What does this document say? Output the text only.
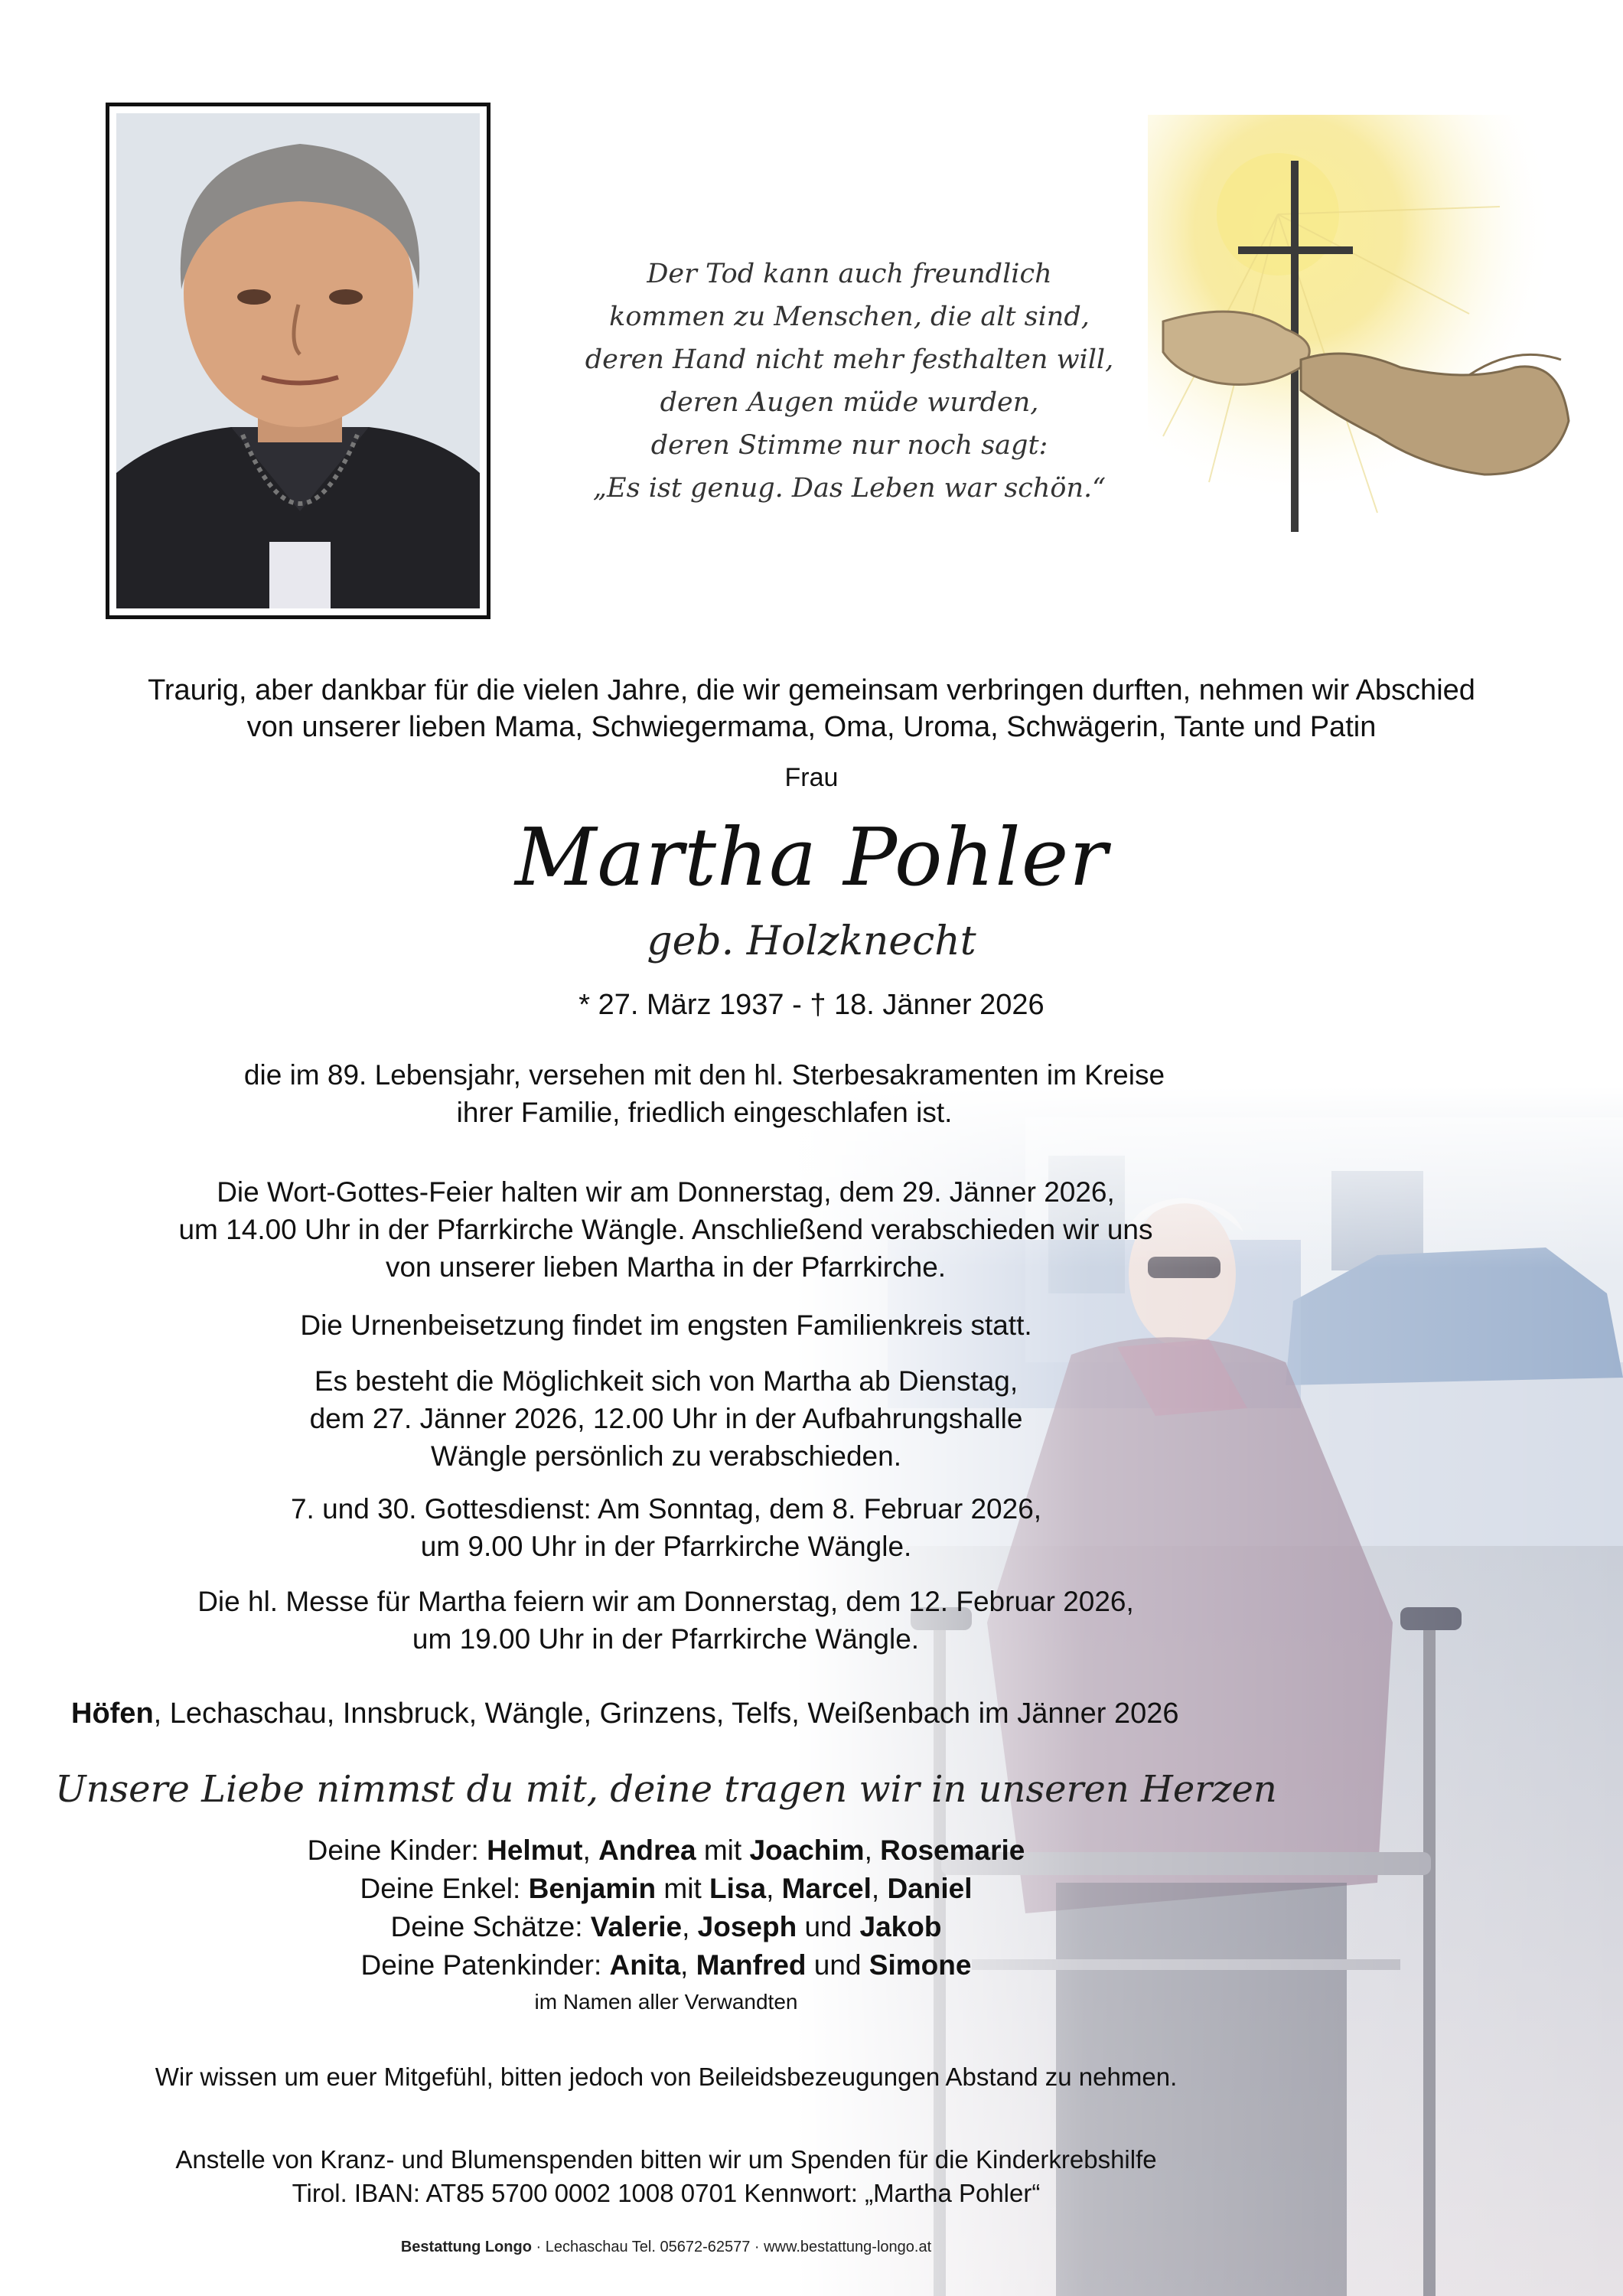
Der Tod kann auch freundlich
kommen zu Menschen, die alt sind,
deren Hand nicht mehr festhalten will,
deren Augen müde wurden,
deren Stimme nur noch sagt:
„Es ist genug. Das Leben war schön.“
Traurig, aber dankbar für die vielen Jahre, die wir gemeinsam verbringen durften, nehmen wir Abschied
von unserer lieben Mama, Schwiegermama, Oma, Uroma, Schwägerin, Tante und Patin
Frau
Martha Pohler
geb. Holzknecht
* 27. März 1937 - † 18. Jänner 2026
die im 89. Lebensjahr, versehen mit den hl. Sterbesakramenten im Kreise
ihrer Familie, friedlich eingeschlafen ist.
Die Wort-Gottes-Feier halten wir am Donnerstag, dem 29. Jänner 2026,
um 14.00 Uhr in der Pfarrkirche Wängle. Anschließend verabschieden wir uns
von unserer lieben Martha in der Pfarrkirche.
Die Urnenbeisetzung findet im engsten Familienkreis statt.
Es besteht die Möglichkeit sich von Martha ab Dienstag,
dem 27. Jänner 2026, 12.00 Uhr in der Aufbahrungshalle
Wängle persönlich zu verabschieden.
7. und 30. Gottesdienst: Am Sonntag, dem 8. Februar 2026,
um 9.00 Uhr in der Pfarrkirche Wängle.
Die hl. Messe für Martha feiern wir am Donnerstag, dem 12. Februar 2026,
um 19.00 Uhr in der Pfarrkirche Wängle.
Höfen, Lechaschau, Innsbruck, Wängle, Grinzens, Telfs, Weißenbach im Jänner 2026
Unsere Liebe nimmst du mit, deine tragen wir in unseren Herzen
Deine Kinder: Helmut, Andrea mit Joachim, Rosemarie
Deine Enkel: Benjamin mit Lisa, Marcel, Daniel
Deine Schätze: Valerie, Joseph und Jakob
Deine Patenkinder: Anita, Manfred und Simone
im Namen aller Verwandten
Wir wissen um euer Mitgefühl, bitten jedoch von Beileidsbezeugungen Abstand zu nehmen.
Anstelle von Kranz- und Blumenspenden bitten wir um Spenden für die Kinderkrebshilfe
Tirol. IBAN: AT85 5700 0002 1008 0701 Kennwort: „Martha Pohler“
Bestattung Longo · Lechaschau Tel. 05672-62577 · www.bestattung-longo.at
